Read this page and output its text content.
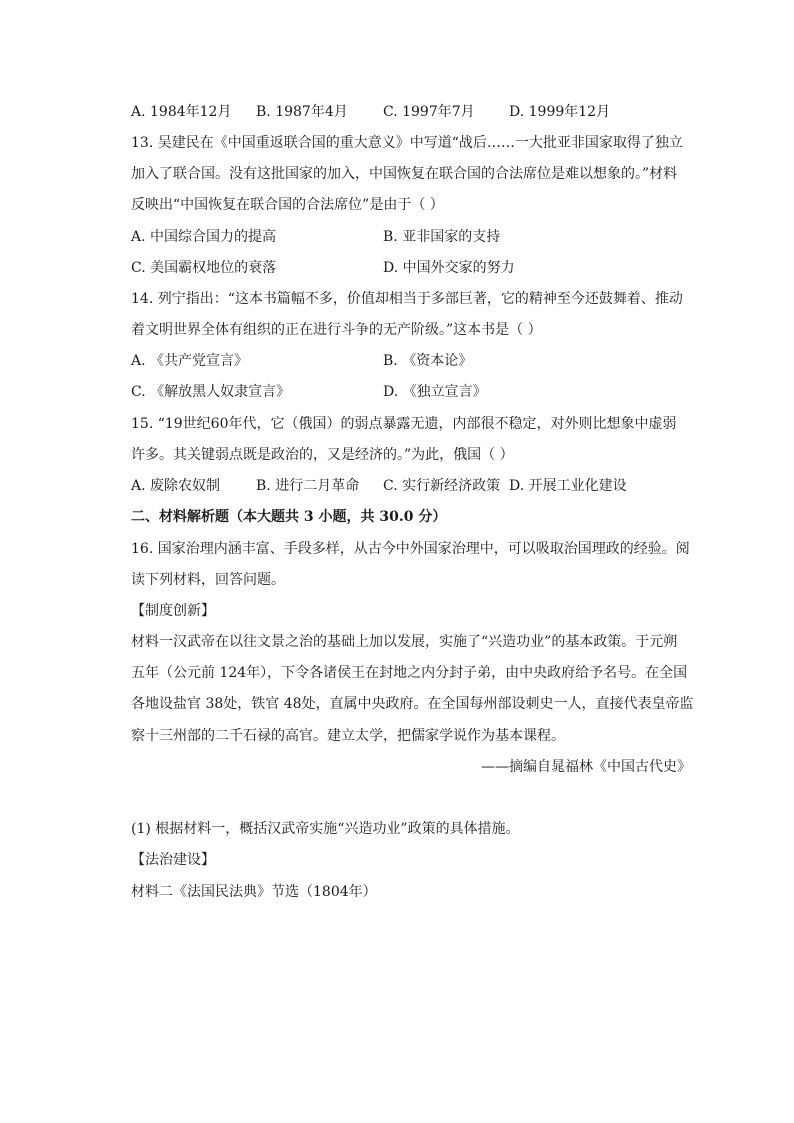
A. 1984年12月 B. 1987年4月	C. 1997年7月 D. 1999年12月
13. 吴建民在《中国重返联合国的重大意义》中写道“战后……一大批亚非国家取得了独立
加入了联合国。没有这批国家的加入，中国恢复在联合国的合法席位是难以想象的。”材料
反映出“中国恢复在联合国的合法席位”是由于（ ）
A. 中国综合国力的提高	B. 亚非国家的支持
C. 美国霸权地位的衰落	D. 中国外交家的努力
14. 列宁指出：“这本书篇幅不多，价值却相当于多部巨著，它的精神至今还鼓舞着、推动
着文明世界全体有组织的正在进行斗争的无产阶级。”这本书是（ ）
A. 《共产党宣言》	B. 《资本论》
C. 《解放黑人奴隶宣言》	D. 《独立宣言》
15. “19世纪60年代，它（俄国）的弱点暴露无遗，内部很不稳定，对外则比想象中虚弱
许多。其关键弱点既是政治的，又是经济的。”为此，俄国（ ）
A. 废除农奴制	B. 进行二月革命 C. 实行新经济政策 D. 开展工业化建设
二、材料解析题（本大题共 3 小题，共 30.0 分）
16. 国家治理内涵丰富、手段多样，从古今中外国家治理中，可以吸取治国理政的经验。阅
读下列材料，回答问题。
【制度创新】
材料一汉武帝在以往文景之治的基础上加以发展，实施了“兴造功业”的基本政策。于元朔
五年（公元前 124年），下令各诸侯王在封地之内分封子弟，由中央政府给予名号。在全国
各地设盐官 38处，铁官 48处，直属中央政府。在全国每州部设刺史一人，直接代表皇帝监
察十三州部的二千石禄的高官。建立太学，把儒家学说作为基本课程。
——摘编自晁福林《中国古代史》
(1) 根据材料一，概括汉武帝实施“兴造功业”政策的具体措施。
【法治建设】
材料二《法国民法典》节选（1804年）
